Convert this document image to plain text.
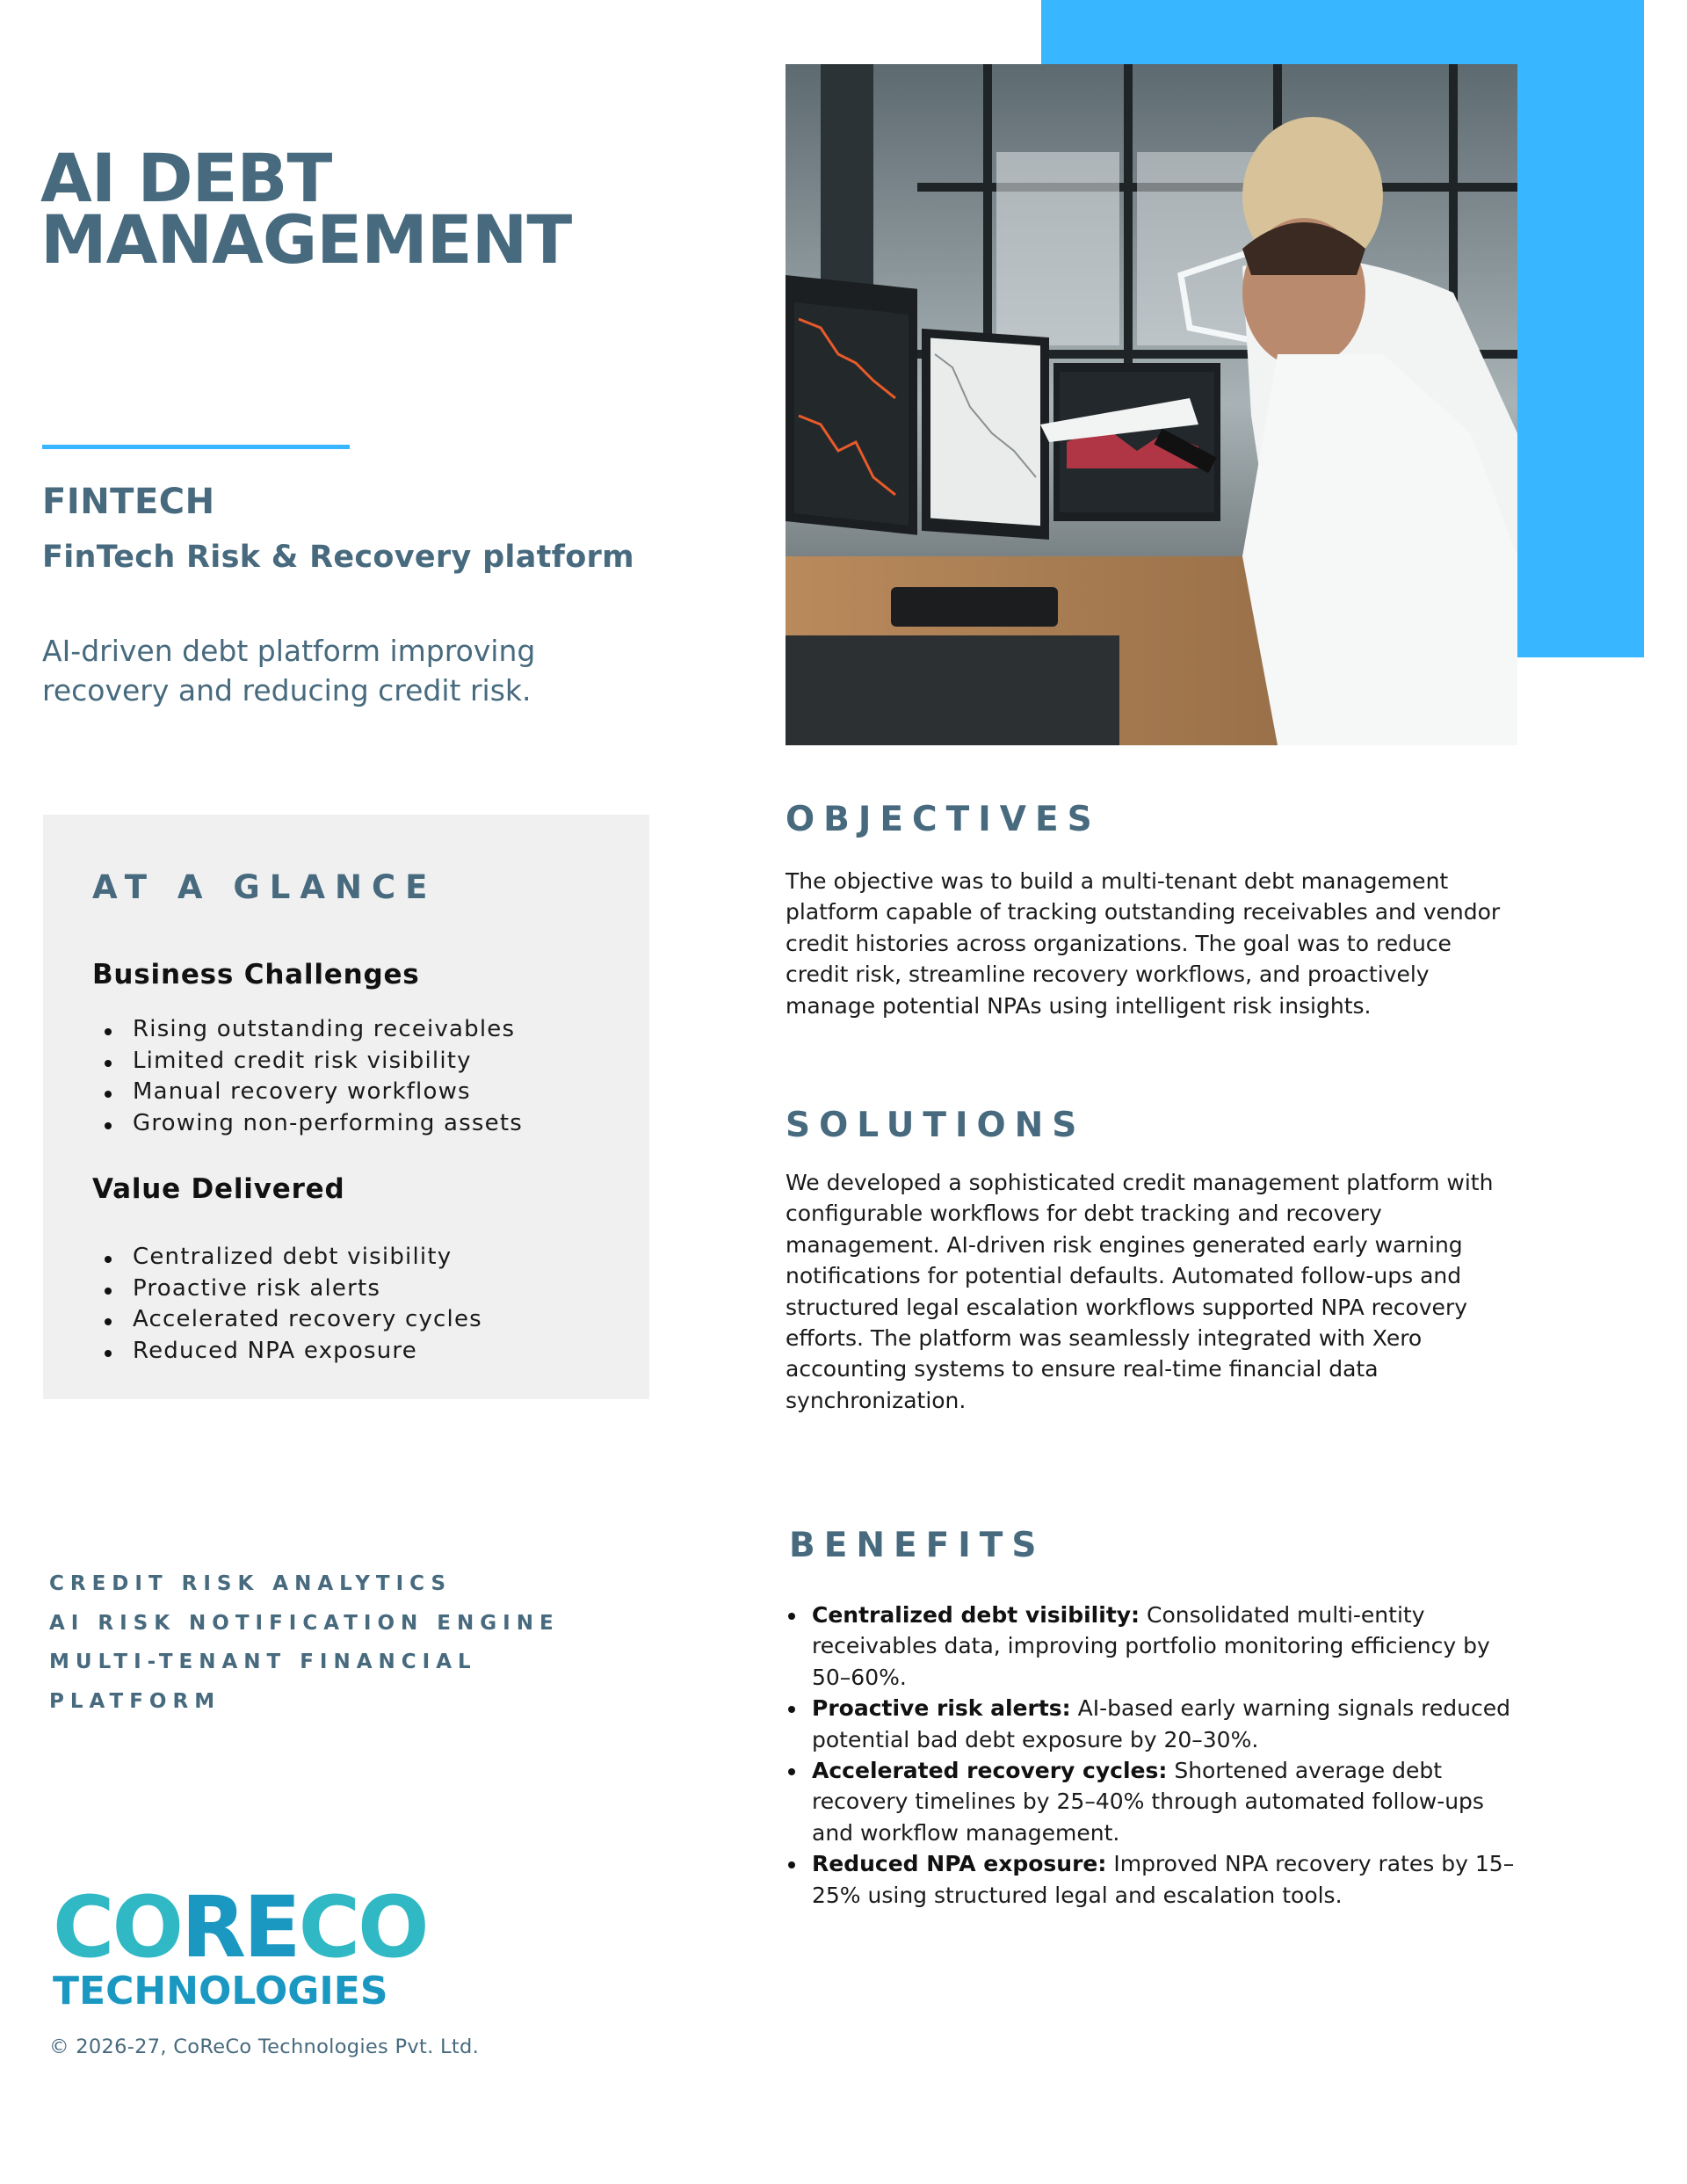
AI DEBT
MANAGEMENT
FINTECH
FinTech Risk & Recovery platform

AI-driven debt platform improving recovery and reducing credit risk.

AT A GLANCE
Business Challenges
Rising outstanding receivables
Limited credit risk visibility
Manual recovery workflows
Growing non-performing assets
Value Delivered
Centralized debt visibility
Proactive risk alerts
Accelerated recovery cycles
Reduced NPA exposure
OBJECTIVES

The objective was to build a multi-tenant debt management platform capable of tracking outstanding receivables and vendor credit histories across organizations. The goal was to reduce credit risk, streamline recovery workflows, and proactively manage potential NPAs using intelligent risk insights.

SOLUTIONS

We developed a sophisticated credit management platform with configurable workflows for debt tracking and recovery management. AI-driven risk engines generated early warning notifications for potential defaults. Automated follow-ups and structured legal escalation workflows supported NPA recovery efforts. The platform was seamlessly integrated with Xero accounting systems to ensure real-time financial data synchronization.

BENEFITS
Centralized debt visibility: Consolidated multi-entity receivables data, improving portfolio monitoring efficiency by 50–60%.
Proactive risk alerts: AI-based early warning signals reduced potential bad debt exposure by 20–30%.
Accelerated recovery cycles: Shortened average debt recovery timelines by 25–40% through automated follow-ups and workflow management.
Reduced NPA exposure: Improved NPA recovery rates by 15–25% using structured legal and escalation tools.
CREDIT RISK ANALYTICS
AI RISK NOTIFICATION ENGINE
MULTI-TENANT FINANCIAL
PLATFORM
CORECO
TECHNOLOGIES
© 2026-27, CoReCo Technologies Pvt. Ltd.
